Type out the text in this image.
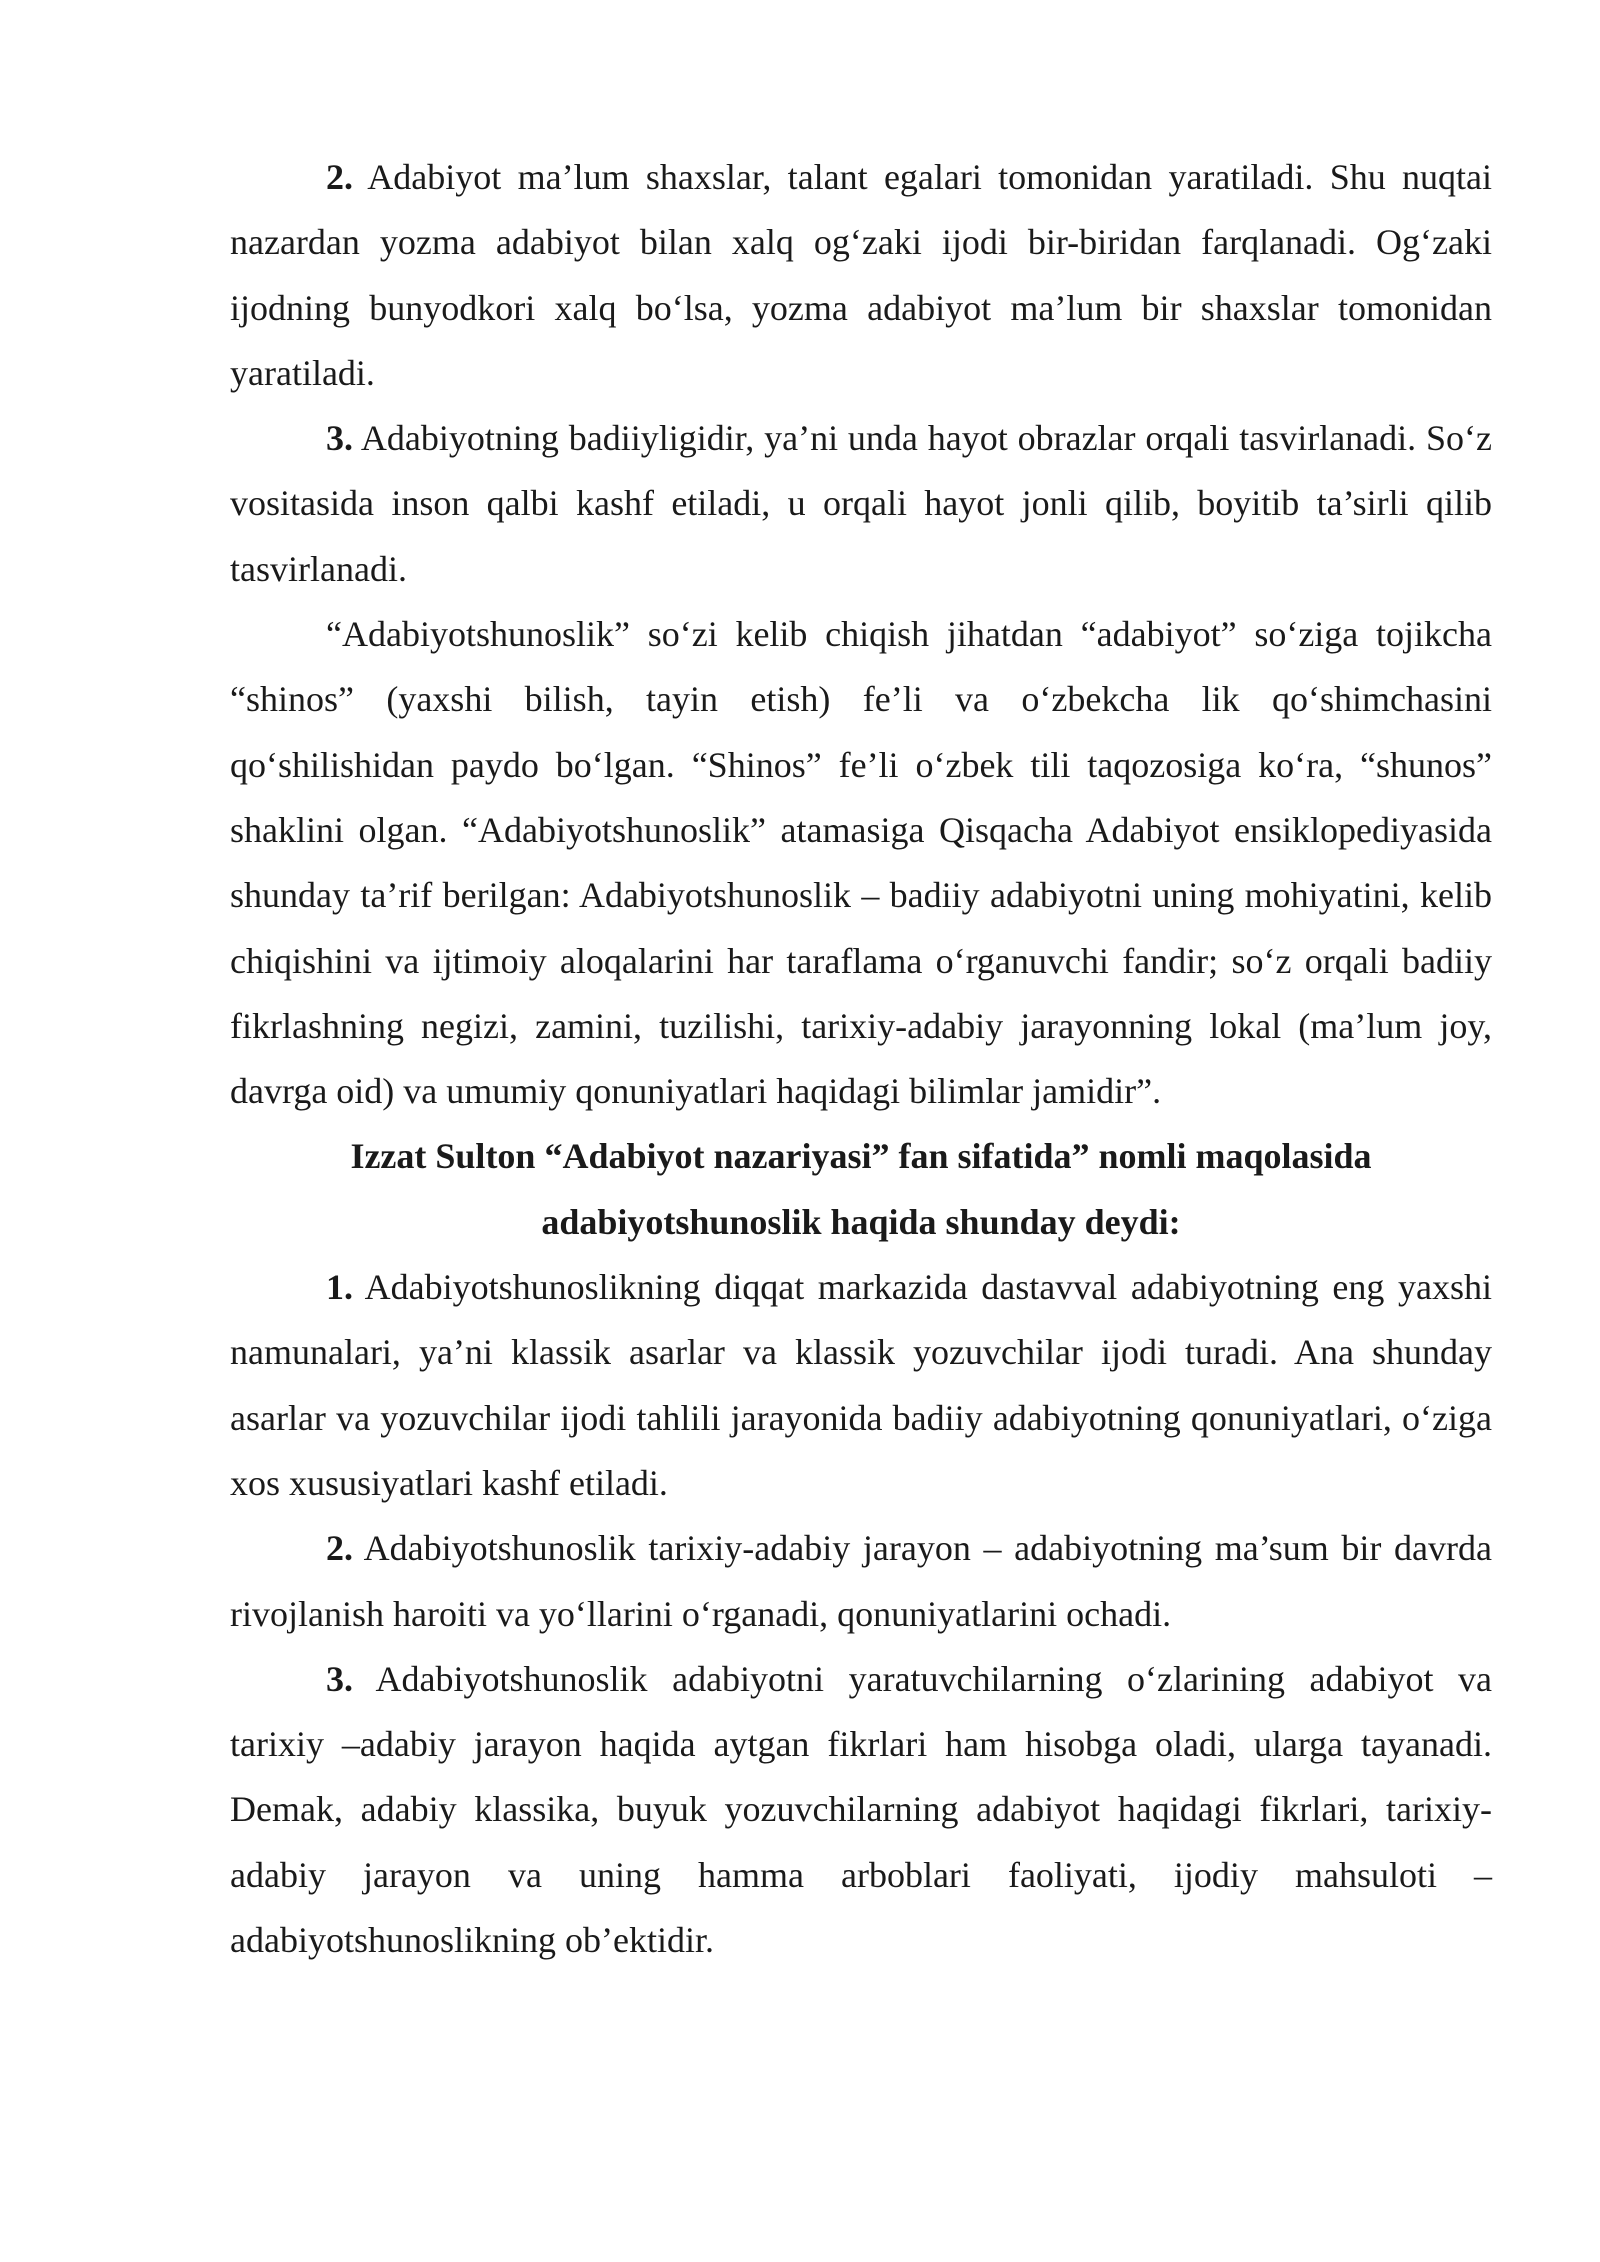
2. Adabiyot ma’lum shaxslar, talant egalari tomonidan yaratiladi. Shu nuqtai nazardan yozma adabiyot bilan xalq og‘zaki ijodi bir-biridan farqlanadi. Og‘zaki ijodning bunyodkori xalq bo‘lsa, yozma adabiyot ma’lum bir shaxslar tomonidan yaratiladi.

3. Adabiyotning badiiyligidir, ya’ni unda hayot obrazlar orqali tasvirlanadi. So‘z vositasida inson qalbi kashf etiladi, u orqali hayot jonli qilib, boyitib ta’sirli qilib tasvirlanadi.

“Adabiyotshunoslik” so‘zi kelib chiqish jihatdan “adabiyot” so‘ziga tojikcha “shinos” (yaxshi bilish, tayin etish) fe’li va o‘zbekcha lik qo‘shimchasini qo‘shilishidan paydo bo‘lgan. “Shinos” fe’li o‘zbek tili taqozosiga ko‘ra, “shunos” shaklini olgan. “Adabiyotshunoslik” atamasiga Qisqacha Adabiyot ensiklopediyasida shunday ta’rif berilgan: Adabiyotshunoslik – badiiy adabiyotni uning mohiyatini, kelib chiqishini va ijtimoiy aloqalarini har taraflama o‘rganuvchi fandir; so‘z orqali badiiy fikrlashning negizi, zamini, tuzilishi, tarixiy-adabiy jarayonning lokal (ma’lum joy, davrga oid) va umumiy qonuniyatlari haqidagi bilimlar jamidir”.

Izzat Sulton “Adabiyot nazariyasi” fan sifatida” nomli maqolasida

adabiyotshunoslik haqida shunday deydi:

1. Adabiyotshunoslikning diqqat markazida dastavval adabiyotning eng yaxshi namunalari, ya’ni klassik asarlar va klassik yozuvchilar ijodi turadi. Ana shunday asarlar va yozuvchilar ijodi tahlili jarayonida badiiy adabiyotning qonuniyatlari, o‘ziga xos xususiyatlari kashf etiladi.

2. Adabiyotshunoslik tarixiy-adabiy jarayon – adabiyotning ma’sum bir davrda rivojlanish haroiti va yo‘llarini o‘rganadi, qonuniyatlarini ochadi.

3. Adabiyotshunoslik adabiyotni yaratuvchilarning o‘zlarining adabiyot va tarixiy –adabiy jarayon haqida aytgan fikrlari ham hisobga oladi, ularga tayanadi. Demak, adabiy klassika, buyuk yozuvchilarning adabiyot haqidagi fikrlari, tarixiy-adabiy jarayon va uning hamma arboblari faoliyati, ijodiy mahsuloti – adabiyotshunoslikning ob’ektidir.
